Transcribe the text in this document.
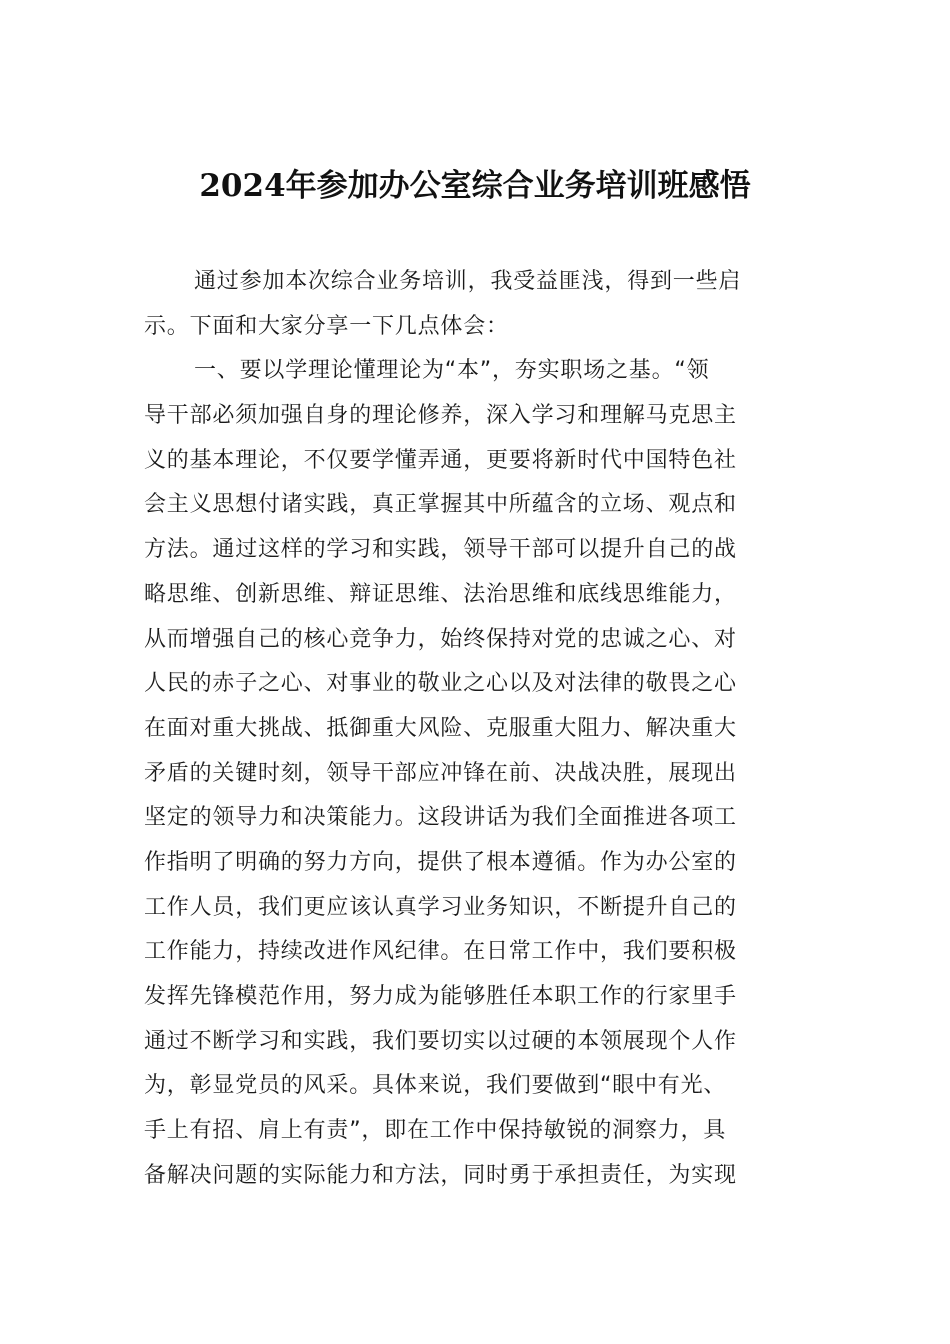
2024年参加办公室综合业务培训班感悟
通过参加本次综合业务培训，我受益匪浅，得到一些启
示。下面和大家分享一下几点体会：
一、要以学理论懂理论为“本”，夯实职场之基。“领
导干部必须加强自身的理论修养，深入学习和理解马克思主
义的基本理论，不仅要学懂弄通，更要将新时代中国特色社
会主义思想付诸实践，真正掌握其中所蕴含的立场、观点和
方法。通过这样的学习和实践，领导干部可以提升自己的战
略思维、创新思维、辩证思维、法治思维和底线思维能力，
从而增强自己的核心竞争力，始终保持对党的忠诚之心、对
人民的赤子之心、对事业的敬业之心以及对法律的敬畏之心
在面对重大挑战、抵御重大风险、克服重大阻力、解决重大
矛盾的关键时刻，领导干部应冲锋在前、决战决胜，展现出
坚定的领导力和决策能力。这段讲话为我们全面推进各项工
作指明了明确的努力方向，提供了根本遵循。作为办公室的
工作人员，我们更应该认真学习业务知识，不断提升自己的
工作能力，持续改进作风纪律。在日常工作中，我们要积极
发挥先锋模范作用，努力成为能够胜任本职工作的行家里手
通过不断学习和实践，我们要切实以过硬的本领展现个人作
为，彰显党员的风采。具体来说，我们要做到“眼中有光、
手上有招、肩上有责”，即在工作中保持敏锐的洞察力，具
备解决问题的实际能力和方法，同时勇于承担责任，为实现
